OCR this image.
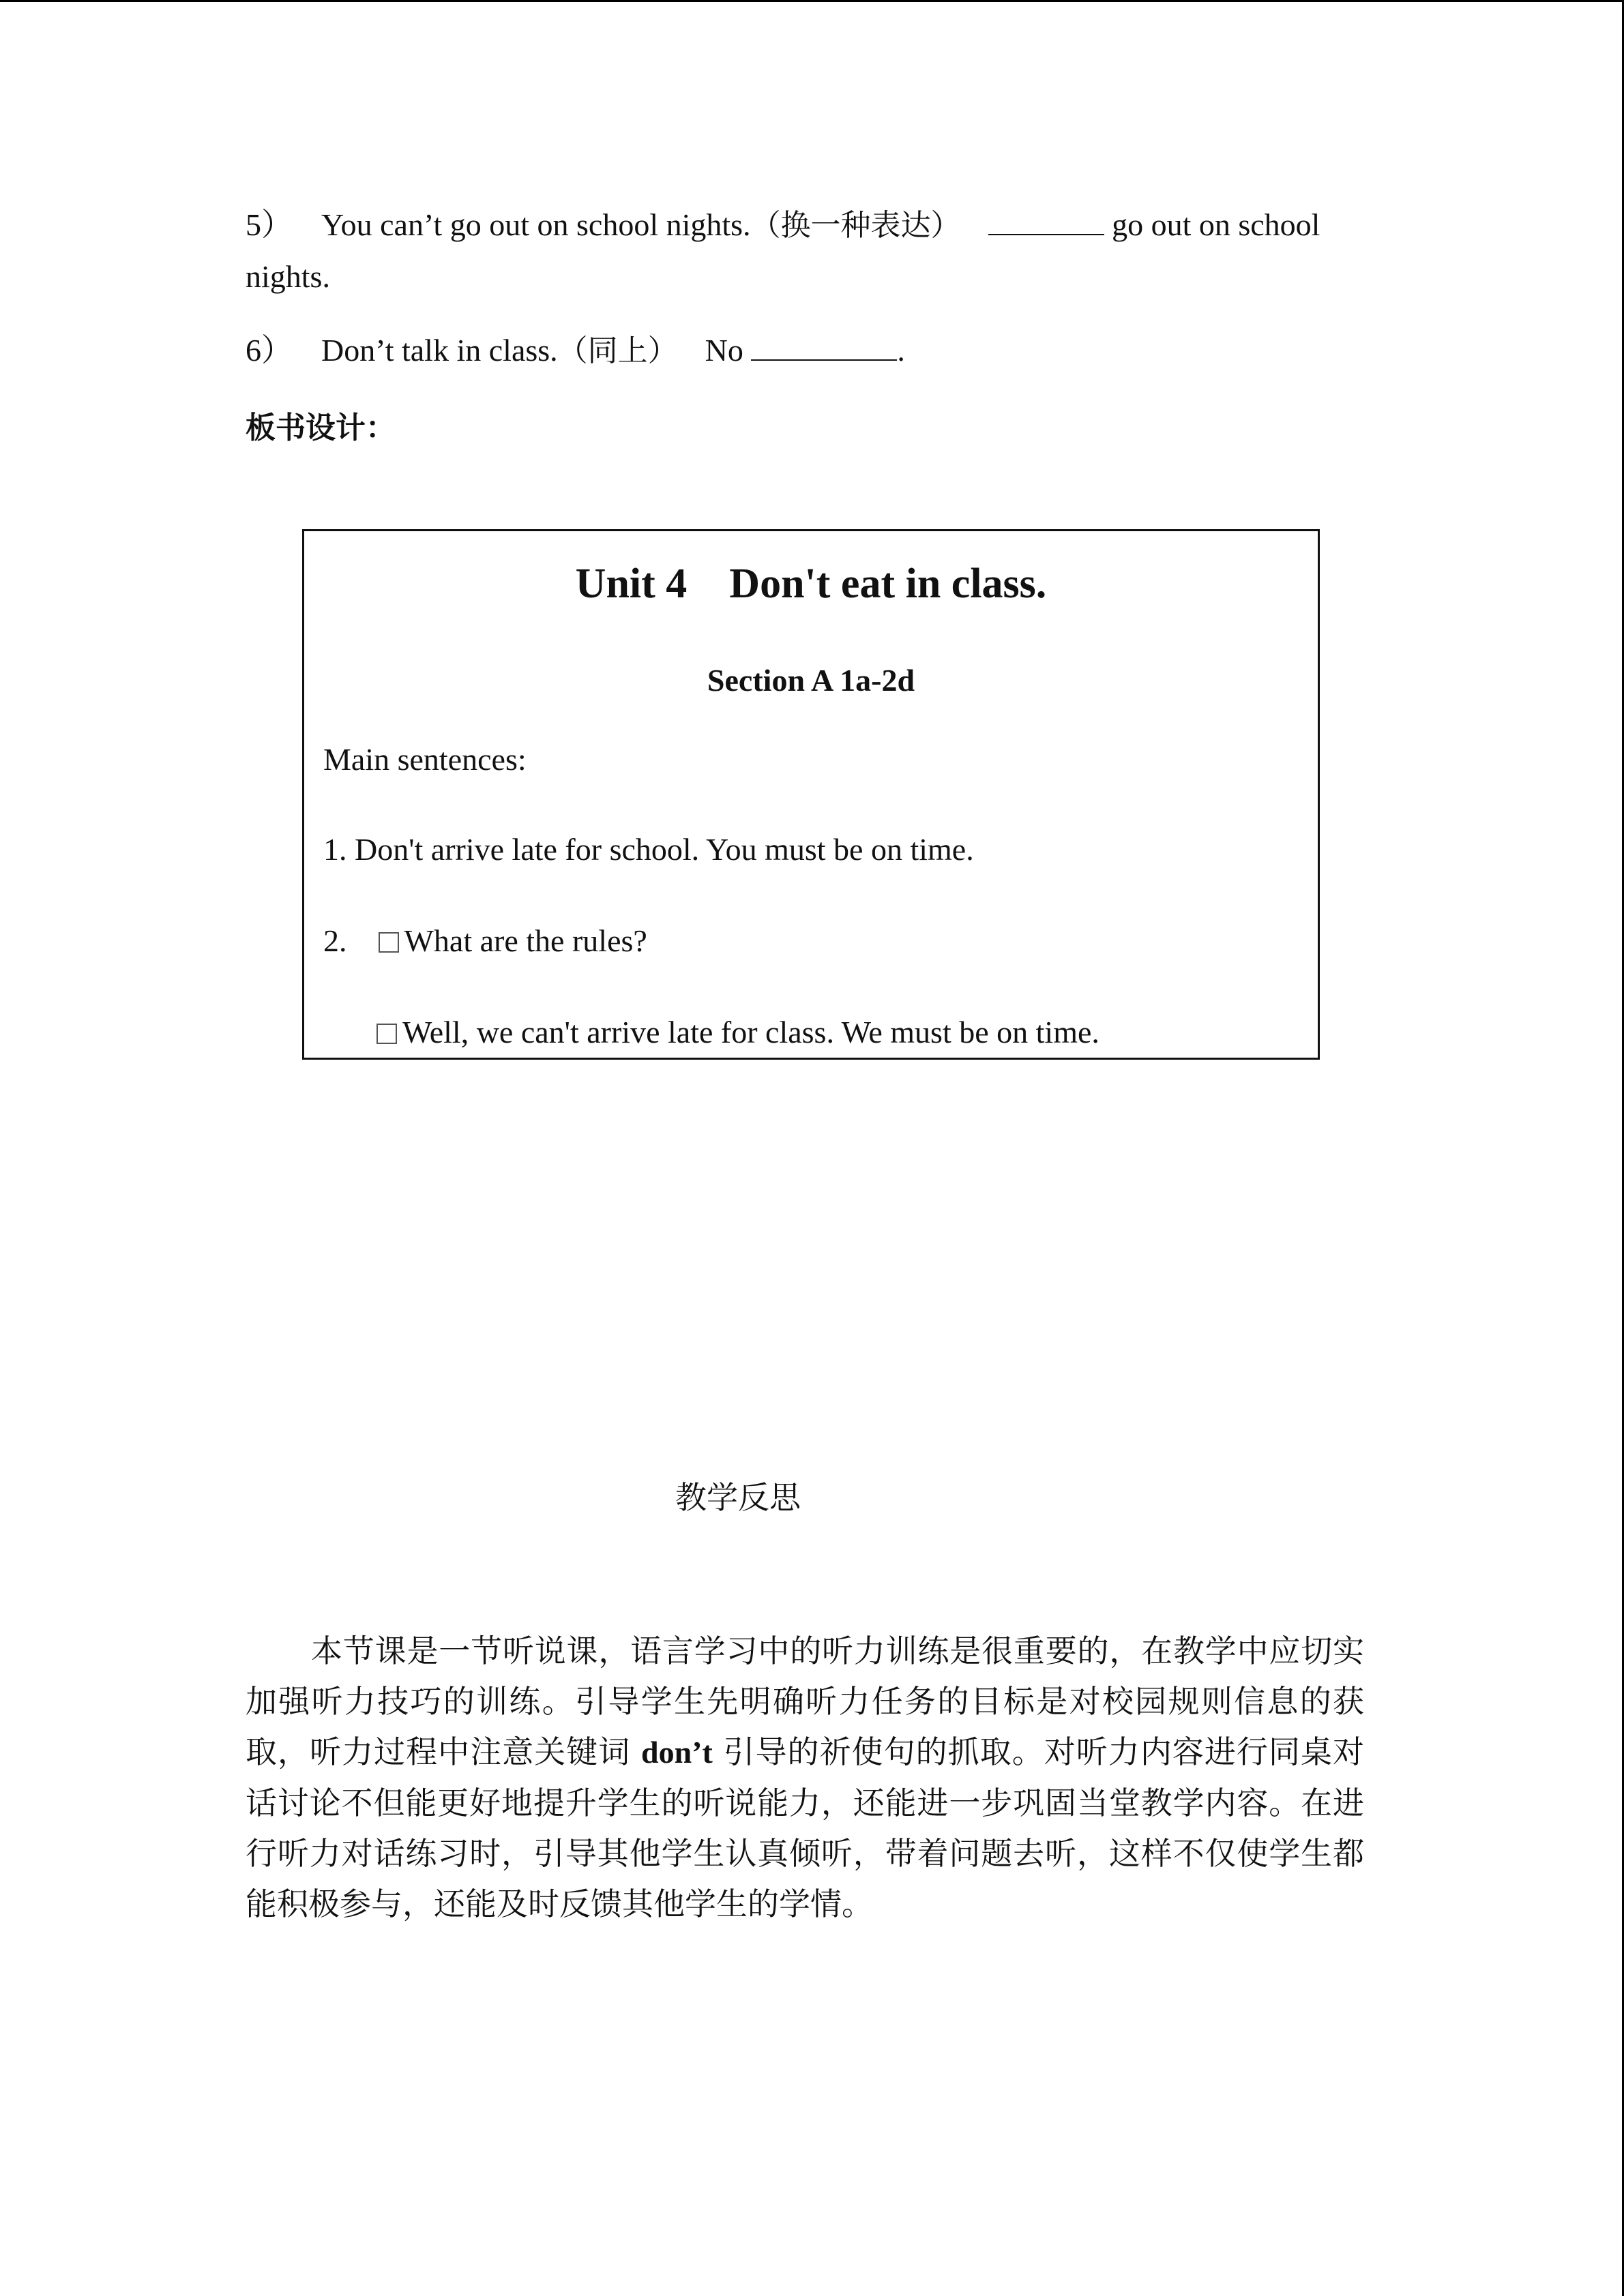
5） You can’t go out on school nights.（换一种表达）	go out on school
nights.
6） Don’t talk in class.（同上） No	.
板书设计：
Unit 4    Don't eat in class.
Section A 1a-2d
Main sentences:
1. Don't arrive late for school. You must be on time.
2. What are the rules?
Well, we can't arrive late for class. We must be on time.
教学反思
本节课是一节听说课，语言学习中的听力训练是很重要的，在教学中应切实加强听力技巧的训练。引导学生先明确听力任务的目标是对校园规则信息的获取，听力过程中注意关键词 don’t 引导的祈使句的抓取。对听力内容进行同桌对话讨论不但能更好地提升学生的听说能力，还能进一步巩固当堂教学内容。在进行听力对话练习时，引导其他学生认真倾听，带着问题去听，这样不仅使学生都能积极参与，还能及时反馈其他学生的学情。
